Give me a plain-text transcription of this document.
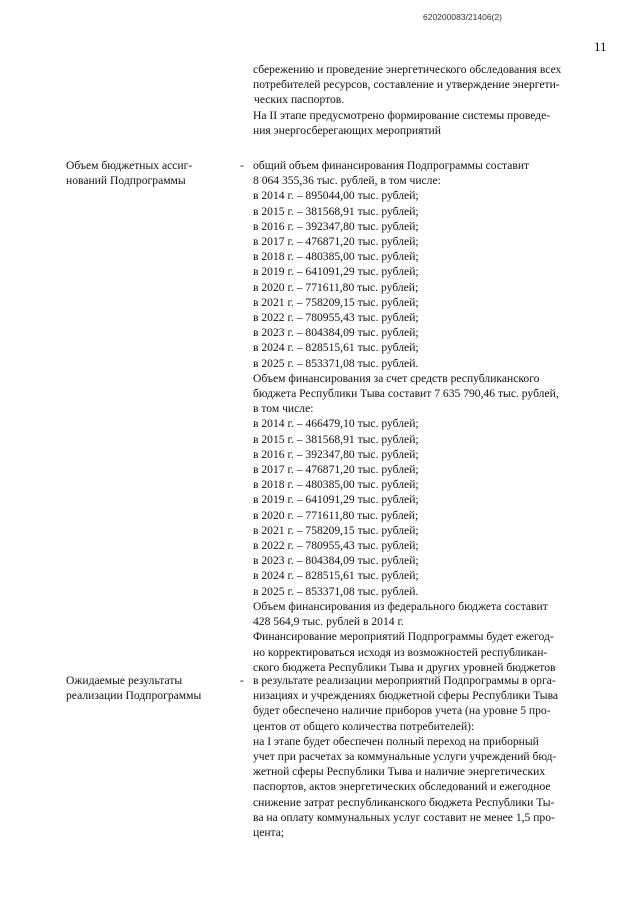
620200083/21406(2)
11
сбережению и проведение энергетического обследования всех
потребителей ресурсов, составление и утверждение энергети-
ческих паспортов.
На II этапе предусмотрено формирование системы проведе-
ния энергосберегающих мероприятий
Объем бюджетных ассиг-
нований Подпрограммы
- общий объем финансирования Подпрограммы составит
8 064 355,36 тыс. рублей, в том числе:
в 2014 г. – 895044,00 тыс. рублей;
в 2015 г. – 381568,91 тыс. рублей;
в 2016 г. – 392347,80 тыс. рублей;
в 2017 г. – 476871,20 тыс. рублей;
в 2018 г. – 480385,00 тыс. рублей;
в 2019 г. – 641091,29 тыс. рублей;
в 2020 г. – 771611,80 тыс. рублей;
в 2021 г. – 758209,15 тыс. рублей;
в 2022 г. – 780955,43 тыс. рублей;
в 2023 г. – 804384,09 тыс. рублей;
в 2024 г. – 828515,61 тыс. рублей;
в 2025 г. – 853371,08 тыс. рублей.
Объем финансирования за счет средств республиканского
бюджета Республики Тыва составит 7 635 790,46 тыс. рублей,
в том числе:
в 2014 г. – 466479,10 тыс. рублей;
в 2015 г. – 381568,91 тыс. рублей;
в 2016 г. – 392347,80 тыс. рублей;
в 2017 г. – 476871,20 тыс. рублей;
в 2018 г. – 480385,00 тыс. рублей;
в 2019 г. – 641091,29 тыс. рублей;
в 2020 г. – 771611,80 тыс. рублей;
в 2021 г. – 758209,15 тыс. рублей;
в 2022 г. – 780955,43 тыс. рублей;
в 2023 г. – 804384,09 тыс. рублей;
в 2024 г. – 828515,61 тыс. рублей;
в 2025 г. – 853371,08 тыс. рублей.
Объем финансирования из федерального бюджета составит
428 564,9 тыс. рублей в 2014 г.
Финансирование мероприятий Подпрограммы будет ежегод-
но корректироваться исходя из возможностей республикан-
ского бюджета Республики Тыва и других уровней бюджетов
Ожидаемые результаты
реализации Подпрограммы
- в результате реализации мероприятий Подпрограммы в орга-
низациях и учреждениях бюджетной сферы Республики Тыва
будет обеспечено наличие приборов учета (на уровне 5 про-
центов от общего количества потребителей):
на I этапе будет обеспечен полный переход на приборный
учет при расчетах за коммунальные услуги учреждений бюд-
жетной сферы Республики Тыва и наличие энергетических
паспортов, актов энергетических обследований и ежегодное
снижение затрат республиканского бюджета Республики Ты-
ва на оплату коммунальных услуг составит не менее 1,5 про-
цента;
